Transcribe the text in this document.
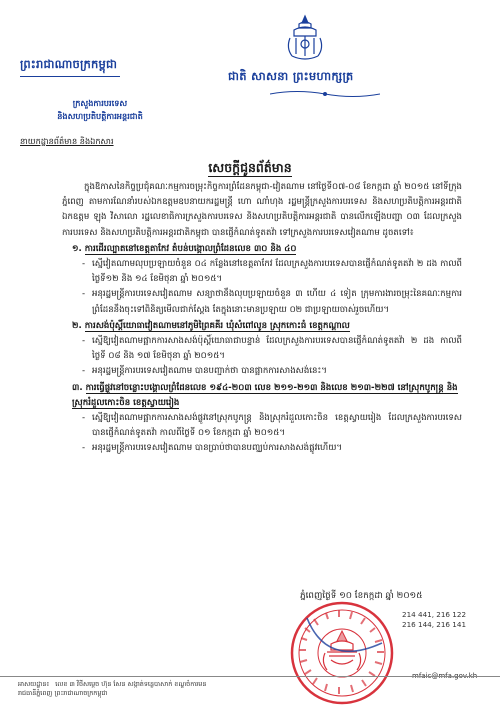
ព្រះរាជាណាចក្រកម្ពុជា
ក្រសួងការបរទេស
និងសហប្រតិបត្តិការអន្តរជាតិ
នាយកដ្ឋានព័ត៌មាន និងឯកសារ
ជាតិ សាសនា ព្រះមហាក្សត្រ
សេចក្តីជូនព័ត៌មាន

ក្នុងឱកាសនៃកិច្ចប្រជុំគណៈកម្មការចម្រុះកិច្ចការព្រំដែនកម្ពុជា-វៀតណាម នៅថ្ងៃទី០៧-០៨ ខែកក្កដា ឆ្នាំ ២០១៥ នៅទីក្រុងភ្នំពេញ តាមការណែនាំរបស់ឯកឧត្តមឧបនាយករដ្ឋមន្ត្រី ហោ ណាំហុង រដ្ឋមន្ត្រីក្រសួងការបរទេស និងសហប្រតិបត្តិការអន្តរជាតិ ឯកឧត្តម ឡុង វិសាលោ រដ្ឋលេខាធិការក្រសួងការបរទេស និងសហប្រតិបត្តិការអន្តរជាតិ បានលើកឡើងបញ្ហា ០៣ ដែលក្រសួងការបរទេស និងសហប្រតិបត្តិការអន្តរជាតិកម្ពុជា បានផ្ញើកំណត់ទូតតវ៉ា ទៅក្រសួងការបរទេសវៀតណាម ដូចតទៅ៖

១. ការដើរល្បាតនៅខេត្តតាកែវ តំបន់បង្គោលព្រំដែនលេខ ៣០ និង ៤០
- ស្នើវៀតណាមលុបប្រឡាយចំនួន ០៤ កន្លែងនៅខេត្តតាកែវ ដែលក្រសួងការបរទេសបានផ្ញើកំណត់ទូតតវ៉ា ២ ដង កាលពីថ្ងៃទី១២ និង ១៤ ខែមិថុនា ឆ្នាំ ២០១៥។
- អនុរដ្ឋមន្ត្រីការបរទេសវៀតណាម សន្យាថានឹងលុបប្រឡាយចំនួន ៣ ហើយ ៤ ទៀត ក្រុមការងារចម្រុះនៃគណៈកម្មការព្រំដែននឹងចុះទៅពិនិត្យមើលជាក់ស្តែង តែក្នុងនោះមានប្រឡាយ ០២ ជាប្រឡាយចាស់រួចហើយ។
២. ការសង់ប៉ុស្តិ៍យោធាវៀតណាមនៅភូមិព្រៃគគីរ ឃុំសំពៅលូន ស្រុកកោះធំ ខេត្តកណ្តាល
- ស្នើឱ្យវៀតណាមផ្អាកការសាងសង់ប៉ុស្តិ៍យោធាជាបន្ទាន់ ដែលក្រសួងការបរទេសបានផ្ញើកំណត់ទូតតវ៉ា ២ ដង កាលពីថ្ងៃទី ០៨ និង ១៧ ខែមិថុនា ឆ្នាំ ២០១៥។
- អនុរដ្ឋមន្ត្រីការបរទេសវៀតណាម បានបញ្ជាក់ថា បានផ្អាកការសាងសង់នេះ។
៣. ការធ្វើផ្លូវនៅចន្លោះបង្គោលព្រំដែនលេខ ១៩៤-២០៣ លេខ ២១១-២១៣ និងលេខ ២១៣-២២៧ នៅស្រុកបូកន្ត្រ និងស្រុករំដួលកោះចិន ខេត្តស្វាយរៀង
- ស្នើឱ្យវៀតណាមផ្អាកការសាងសង់ផ្លូវនៅស្រុកបូកន្ត្រ និងស្រុករំដួលកោះចិន ខេត្តស្វាយរៀង ដែលក្រសួងការបរទេសបានផ្ញើកំណត់ទូតតវ៉ា កាលពីថ្ងៃទី ០១ ខែកក្កដា ឆ្នាំ ២០១៥។
- អនុរដ្ឋមន្ត្រីការបរទេសវៀតណាម បានប្រាប់ថាបានបញ្ឈប់ការសាងសង់ផ្លូវហើយ។
ភ្នំពេញថ្ងៃទី ១០ ខែកក្កដា ឆ្នាំ ២០១៥
214 441, 216 122
216 144, 216 141
mfaic@mfa.gov.kh
អាសយដ្ឋាន៖ លេខ ៣ វិថីសម្តេច ហ៊ុន សែន សង្កាត់ទន្លេបាសាក់ ខណ្ឌចំការមន
រាជធានីភ្នំពេញ ព្រះរាជាណាចក្រកម្ពុជា
